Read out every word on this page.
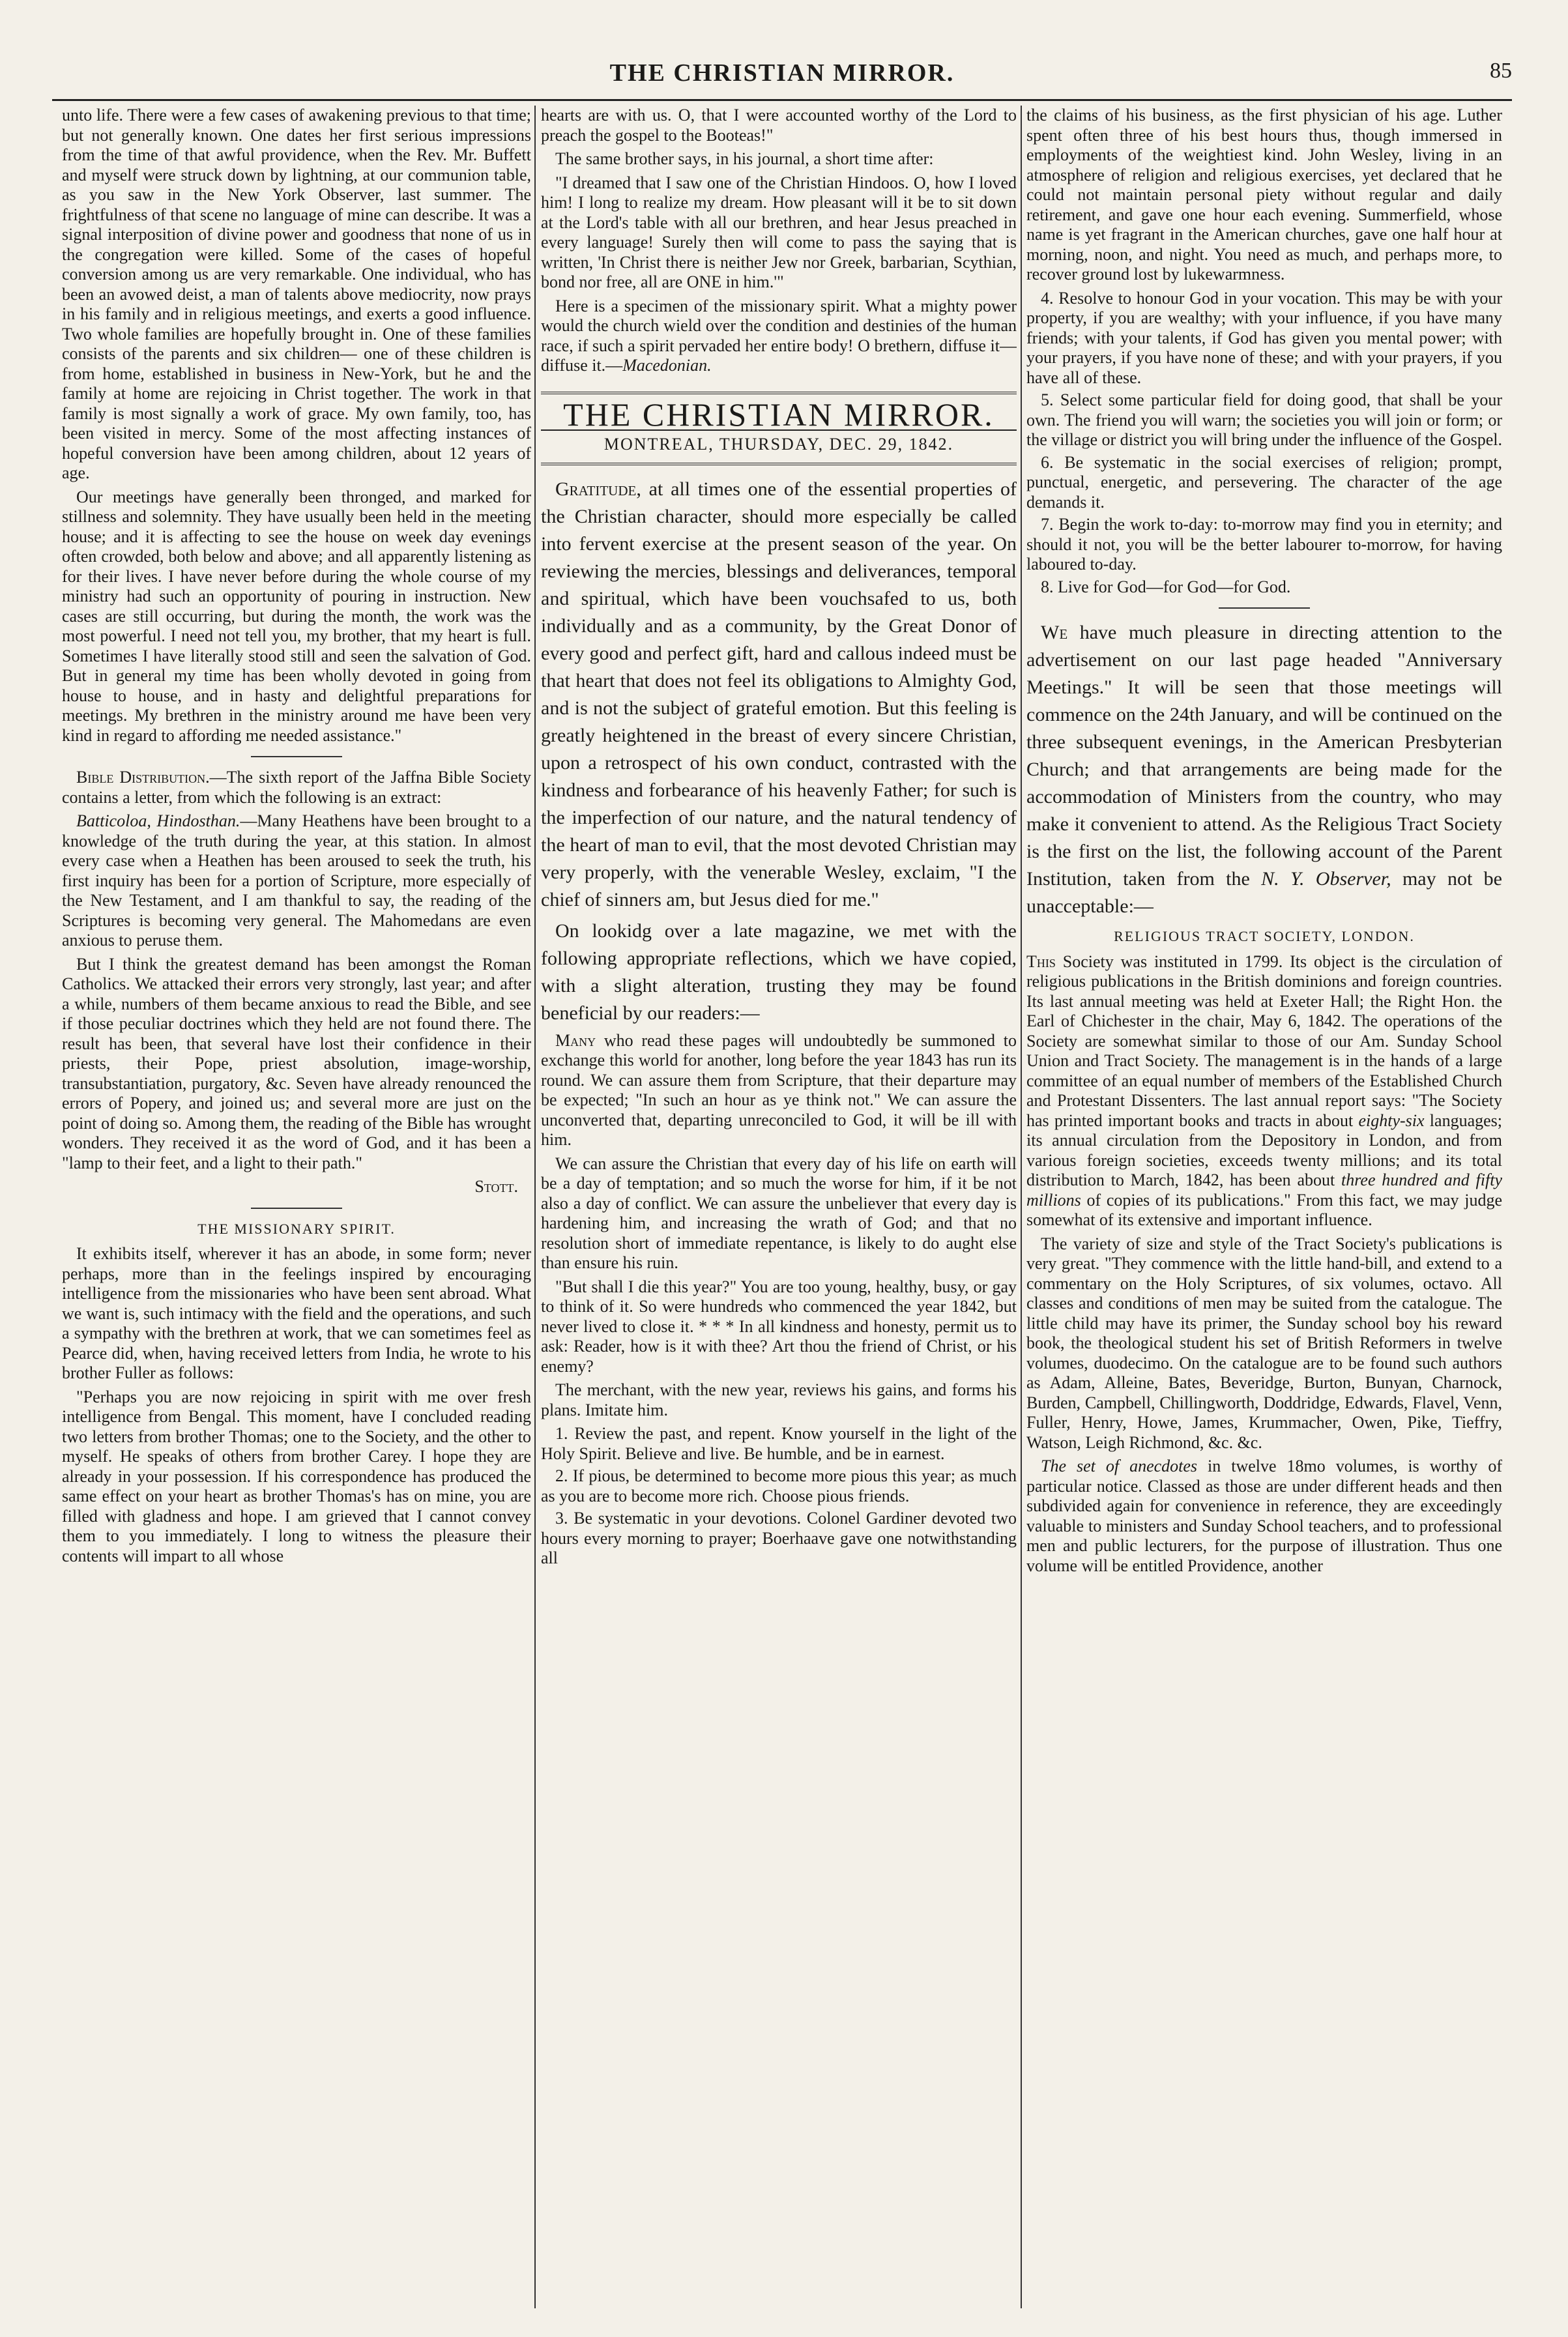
THE CHRISTIAN MIRROR.	85

unto life. There were a few cases of awakening previous to that time; but not generally known. One dates her first serious impressions from the time of that awful providence, when the Rev. Mr. Buffett and myself were struck down by lightning, at our communion table, as you saw in the New York Observer, last summer. The frightfulness of that scene no language of mine can describe. It was a signal interposition of divine power and goodness that none of us in the congregation were killed. Some of the cases of hopeful conversion among us are very remarkable. One individual, who has been an avowed deist, a man of talents above mediocrity, now prays in his family and in religious meetings, and exerts a good influence. Two whole families are hopefully brought in. One of these families consists of the parents and six children— one of these children is from home, established in business in New-York, but he and the family at home are rejoicing in Christ together. The work in that family is most signally a work of grace. My own family, too, has been visited in mercy. Some of the most affecting instances of hopeful conversion have been among children, about 12 years of age.

Our meetings have generally been thronged, and marked for stillness and solemnity. They have usually been held in the meeting house; and it is affecting to see the house on week day evenings often crowded, both below and above; and all apparently listening as for their lives. I have never before during the whole course of my ministry had such an opportunity of pouring in instruction. New cases are still occurring, but during the month, the work was the most powerful. I need not tell you, my brother, that my heart is full. Sometimes I have literally stood still and seen the salvation of God. But in general my time has been wholly devoted in going from house to house, and in hasty and delightful preparations for meetings. My brethren in the ministry around me have been very kind in regard to affording me needed assistance."

Bible Distribution.—The sixth report of the Jaffna Bible Society contains a letter, from which the following is an extract:

Batticoloa, Hindosthan.—Many Heathens have been brought to a knowledge of the truth during the year, at this station. In almost every case when a Heathen has been aroused to seek the truth, his first inquiry has been for a portion of Scripture, more especially of the New Testament, and I am thankful to say, the reading of the Scriptures is becoming very general. The Mahomedans are even anxious to peruse them.

But I think the greatest demand has been amongst the Roman Catholics. We attacked their errors very strongly, last year; and after a while, numbers of them became anxious to read the Bible, and see if those peculiar doctrines which they held are not found there. The result has been, that several have lost their confidence in their priests, their Pope, priest absolution, image-worship, transubstantiation, purgatory, &c. Seven have already renounced the errors of Popery, and joined us; and several more are just on the point of doing so. Among them, the reading of the Bible has wrought wonders. They received it as the word of God, and it has been a "lamp to their feet, and a light to their path."

Stott.
THE MISSIONARY SPIRIT.

It exhibits itself, wherever it has an abode, in some form; never perhaps, more than in the feelings inspired by encouraging intelligence from the missionaries who have been sent abroad. What we want is, such intimacy with the field and the operations, and such a sympathy with the brethren at work, that we can sometimes feel as Pearce did, when, having received letters from India, he wrote to his brother Fuller as follows:

"Perhaps you are now rejoicing in spirit with me over fresh intelligence from Bengal. This moment, have I concluded reading two letters from brother Thomas; one to the Society, and the other to myself. He speaks of others from brother Carey. I hope they are already in your possession. If his correspondence has produced the same effect on your heart as brother Thomas's has on mine, you are filled with gladness and hope. I am grieved that I cannot convey them to you immediately. I long to witness the pleasure their contents will impart to all whose

hearts are with us. O, that I were accounted worthy of the Lord to preach the gospel to the Booteas!"

The same brother says, in his journal, a short time after:

"I dreamed that I saw one of the Christian Hindoos. O, how I loved him! I long to realize my dream. How pleasant will it be to sit down at the Lord's table with all our brethren, and hear Jesus preached in every language! Surely then will come to pass the saying that is written, 'In Christ there is neither Jew nor Greek, barbarian, Scythian, bond nor free, all are ONE in him.'"

Here is a specimen of the missionary spirit. What a mighty power would the church wield over the condition and destinies of the human race, if such a spirit pervaded her entire body! O brethern, diffuse it—diffuse it.—Macedonian.

THE CHRISTIAN MIRROR.
MONTREAL, THURSDAY, DEC. 29, 1842.

Gratitude, at all times one of the essential properties of the Christian character, should more especially be called into fervent exercise at the present season of the year. On reviewing the mercies, blessings and deliverances, temporal and spiritual, which have been vouchsafed to us, both individually and as a community, by the Great Donor of every good and perfect gift, hard and callous indeed must be that heart that does not feel its obligations to Almighty God, and is not the subject of grateful emotion. But this feeling is greatly heightened in the breast of every sincere Christian, upon a retrospect of his own conduct, contrasted with the kindness and forbearance of his heavenly Father; for such is the imperfection of our nature, and the natural tendency of the heart of man to evil, that the most devoted Christian may very properly, with the venerable Wesley, exclaim, "I the chief of sinners am, but Jesus died for me."

On lookidg over a late magazine, we met with the following appropriate reflections, which we have copied, with a slight alteration, trusting they may be found beneficial by our readers:—

Many who read these pages will undoubtedly be summoned to exchange this world for another, long before the year 1843 has run its round. We can assure them from Scripture, that their departure may be expected; "In such an hour as ye think not." We can assure the unconverted that, departing unreconciled to God, it will be ill with him.

We can assure the Christian that every day of his life on earth will be a day of temptation; and so much the worse for him, if it be not also a day of conflict. We can assure the unbeliever that every day is hardening him, and increasing the wrath of God; and that no resolution short of immediate repentance, is likely to do aught else than ensure his ruin.

"But shall I die this year?" You are too young, healthy, busy, or gay to think of it. So were hundreds who commenced the year 1842, but never lived to close it. * * * In all kindness and honesty, permit us to ask: Reader, how is it with thee? Art thou the friend of Christ, or his enemy?

The merchant, with the new year, reviews his gains, and forms his plans. Imitate him.

1. Review the past, and repent. Know yourself in the light of the Holy Spirit. Believe and live. Be humble, and be in earnest.
2. If pious, be determined to become more pious this year; as much as you are to become more rich. Choose pious friends.
3. Be systematic in your devotions. Colonel Gardiner devoted two hours every morning to prayer; Boerhaave gave one notwithstanding all

the claims of his business, as the first physician of his age. Luther spent often three of his best hours thus, though immersed in employments of the weightiest kind. John Wesley, living in an atmosphere of religion and religious exercises, yet declared that he could not maintain personal piety without regular and daily retirement, and gave one hour each evening. Summerfield, whose name is yet fragrant in the American churches, gave one half hour at morning, noon, and night. You need as much, and perhaps more, to recover ground lost by lukewarmness.

4. Resolve to honour God in your vocation. This may be with your property, if you are wealthy; with your influence, if you have many friends; with your talents, if God has given you mental power; with your prayers, if you have none of these; and with your prayers, if you have all of these.
5. Select some particular field for doing good, that shall be your own. The friend you will warn; the societies you will join or form; or the village or district you will bring under the influence of the Gospel.
6. Be systematic in the social exercises of religion; prompt, punctual, energetic, and persevering. The character of the age demands it.
7. Begin the work to-day: to-morrow may find you in eternity; and should it not, you will be the better labourer to-morrow, for having laboured to-day.
8. Live for God—for God—for God.

We have much pleasure in directing attention to the advertisement on our last page headed "Anniversary Meetings." It will be seen that those meetings will commence on the 24th January, and will be continued on the three subsequent evenings, in the American Presbyterian Church; and that arrangements are being made for the accommodation of Ministers from the country, who may make it convenient to attend. As the Religious Tract Society is the first on the list, the following account of the Parent Institution, taken from the N. Y. Observer, may not be unacceptable:—

RELIGIOUS TRACT SOCIETY, LONDON.

This Society was instituted in 1799. Its object is the circulation of religious publications in the British dominions and foreign countries. Its last annual meeting was held at Exeter Hall; the Right Hon. the Earl of Chichester in the chair, May 6, 1842. The operations of the Society are somewhat similar to those of our Am. Sunday School Union and Tract Society. The management is in the hands of a large committee of an equal number of members of the Established Church and Protestant Dissenters. The last annual report says: "The Society has printed important books and tracts in about eighty-six languages; its annual circulation from the Depository in London, and from various foreign societies, exceeds twenty millions; and its total distribution to March, 1842, has been about three hundred and fifty millions of copies of its publications." From this fact, we may judge somewhat of its extensive and important influence.

The variety of size and style of the Tract Society's publications is very great. "They commence with the little hand-bill, and extend to a commentary on the Holy Scriptures, of six volumes, octavo. All classes and conditions of men may be suited from the catalogue. The little child may have its primer, the Sunday school boy his reward book, the theological student his set of British Reformers in twelve volumes, duodecimo. On the catalogue are to be found such authors as Adam, Alleine, Bates, Beveridge, Burton, Bunyan, Charnock, Burden, Campbell, Chillingworth, Doddridge, Edwards, Flavel, Venn, Fuller, Henry, Howe, James, Krummacher, Owen, Pike, Tieffry, Watson, Leigh Richmond, &c. &c.

The set of anecdotes in twelve 18mo volumes, is worthy of particular notice. Classed as those are under different heads and then subdivided again for convenience in reference, they are exceedingly valuable to ministers and Sunday School teachers, and to professional men and public lecturers, for the purpose of illustration. Thus one volume will be entitled Providence, another
